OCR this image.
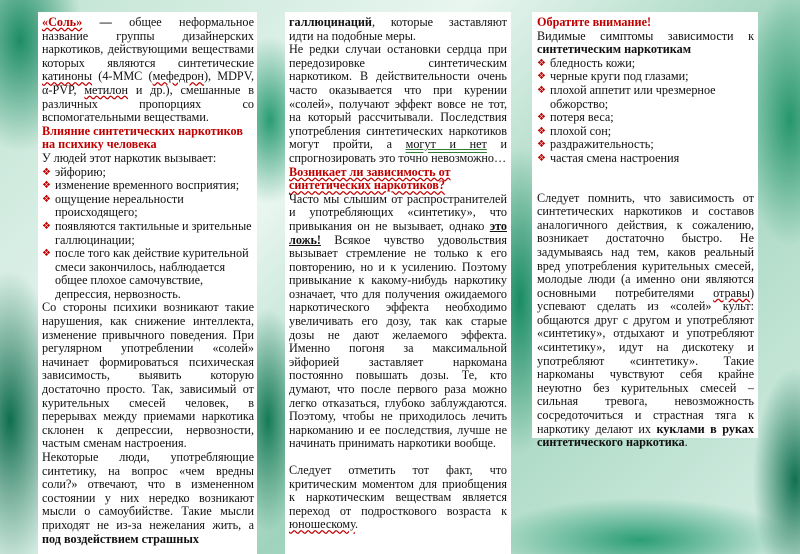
«Соль» — общее неформальное название группы дизайнерских наркотиков, действующими веществами которых являются синтетические катиноны (4-ММС (мефедрон), MDPV, α-PVP, метилон и др.), смешанные в различных пропорциях со вспомогательными веществами.

Влияние синтетических наркотиков на психику человека

У людей этот наркотик вызывает:

❖ эйфорию;
❖ изменение временного восприятия;
❖ ощущение нереальности происходящего;
❖ появляются тактильные и зрительные галлюцинации;
❖ после того как действие курительной смеси закончилось, наблюдается общее плохое самочувствие, депрессия, нервозность.

Со стороны психики возникают такие нарушения, как снижение интеллекта, изменение привычного поведения. При регулярном употреблении «солей» начинает формироваться психическая зависимость, выявить которую достаточно просто. Так, зависимый от курительных смесей человек, в перерывах между приемами наркотика склонен к депрессии, нервозности, частым сменам настроения.

Некоторые люди, употребляющие синтетику, на вопрос «чем вредны соли?» отвечают, что в измененном состоянии у них нередко возникают мысли о самоубийстве. Такие мысли приходят не из-за нежелания жить, а под воздействием страшных

галлюцинаций, которые заставляют идти на подобные меры.

Не редки случаи остановки сердца при передозировке синтетическим наркотиком. В действительности очень часто оказывается что при курении «солей», получают эффект вовсе не тот, на который рассчитывали. Последствия употребления синтетических наркотиков могут пройти, а могут и нет и спрогнозировать это точно невозможно…

Возникает ли зависимость от синтетических наркотиков?

Часто мы слышим от распространителей и употребляющих «синтетику», что привыкания он не вызывает, однако это ложь! Всякое чувство удовольствия вызывает стремление не только к его повторению, но и к усилению. Поэтому привыкание к какому-нибудь наркотику означает, что для получения ожидаемого наркотического эффекта необходимо увеличивать его дозу, так как старые дозы не дают желаемого эффекта. Именно погоня за максимальной эйфорией заставляет наркомана постоянно повышать дозы. Те, кто думают, что после первого раза можно легко отказаться, глубоко заблуждаются. Поэтому, чтобы не приходилось лечить наркоманию и ее последствия, лучше не начинать принимать наркотики вообще.

Следует отметить тот факт, что критическим моментом для приобщения к наркотическим веществам является переход от подросткового возраста к юношескому.

Обратите внимание!

Видимые симптомы зависимости к синтетическим наркотикам

❖ бледность кожи;
❖ черные круги под глазами;
❖ плохой аппетит или чрезмерное обжорство;
❖ потеря веса;
❖ плохой сон;
❖ раздражительность;
❖ частая смена настроения

Следует помнить, что зависимость от синтетических наркотиков и составов аналогичного действия, к сожалению, возникает достаточно быстро. Не задумываясь над тем, каков реальный вред употребления курительных смесей, молодые люди (а именно они являются основными потребителями отравы) успевают сделать из «солей» культ: общаются друг с другом и употребляют «синтетику», отдыхают и употребляют «синтетику», идут на дискотеку и употребляют «синтетику». Такие наркоманы чувствуют себя крайне неуютно без курительных смесей – сильная тревога, невозможность сосредоточиться и страстная тяга к наркотику делают их куклами в руках синтетического наркотика.
